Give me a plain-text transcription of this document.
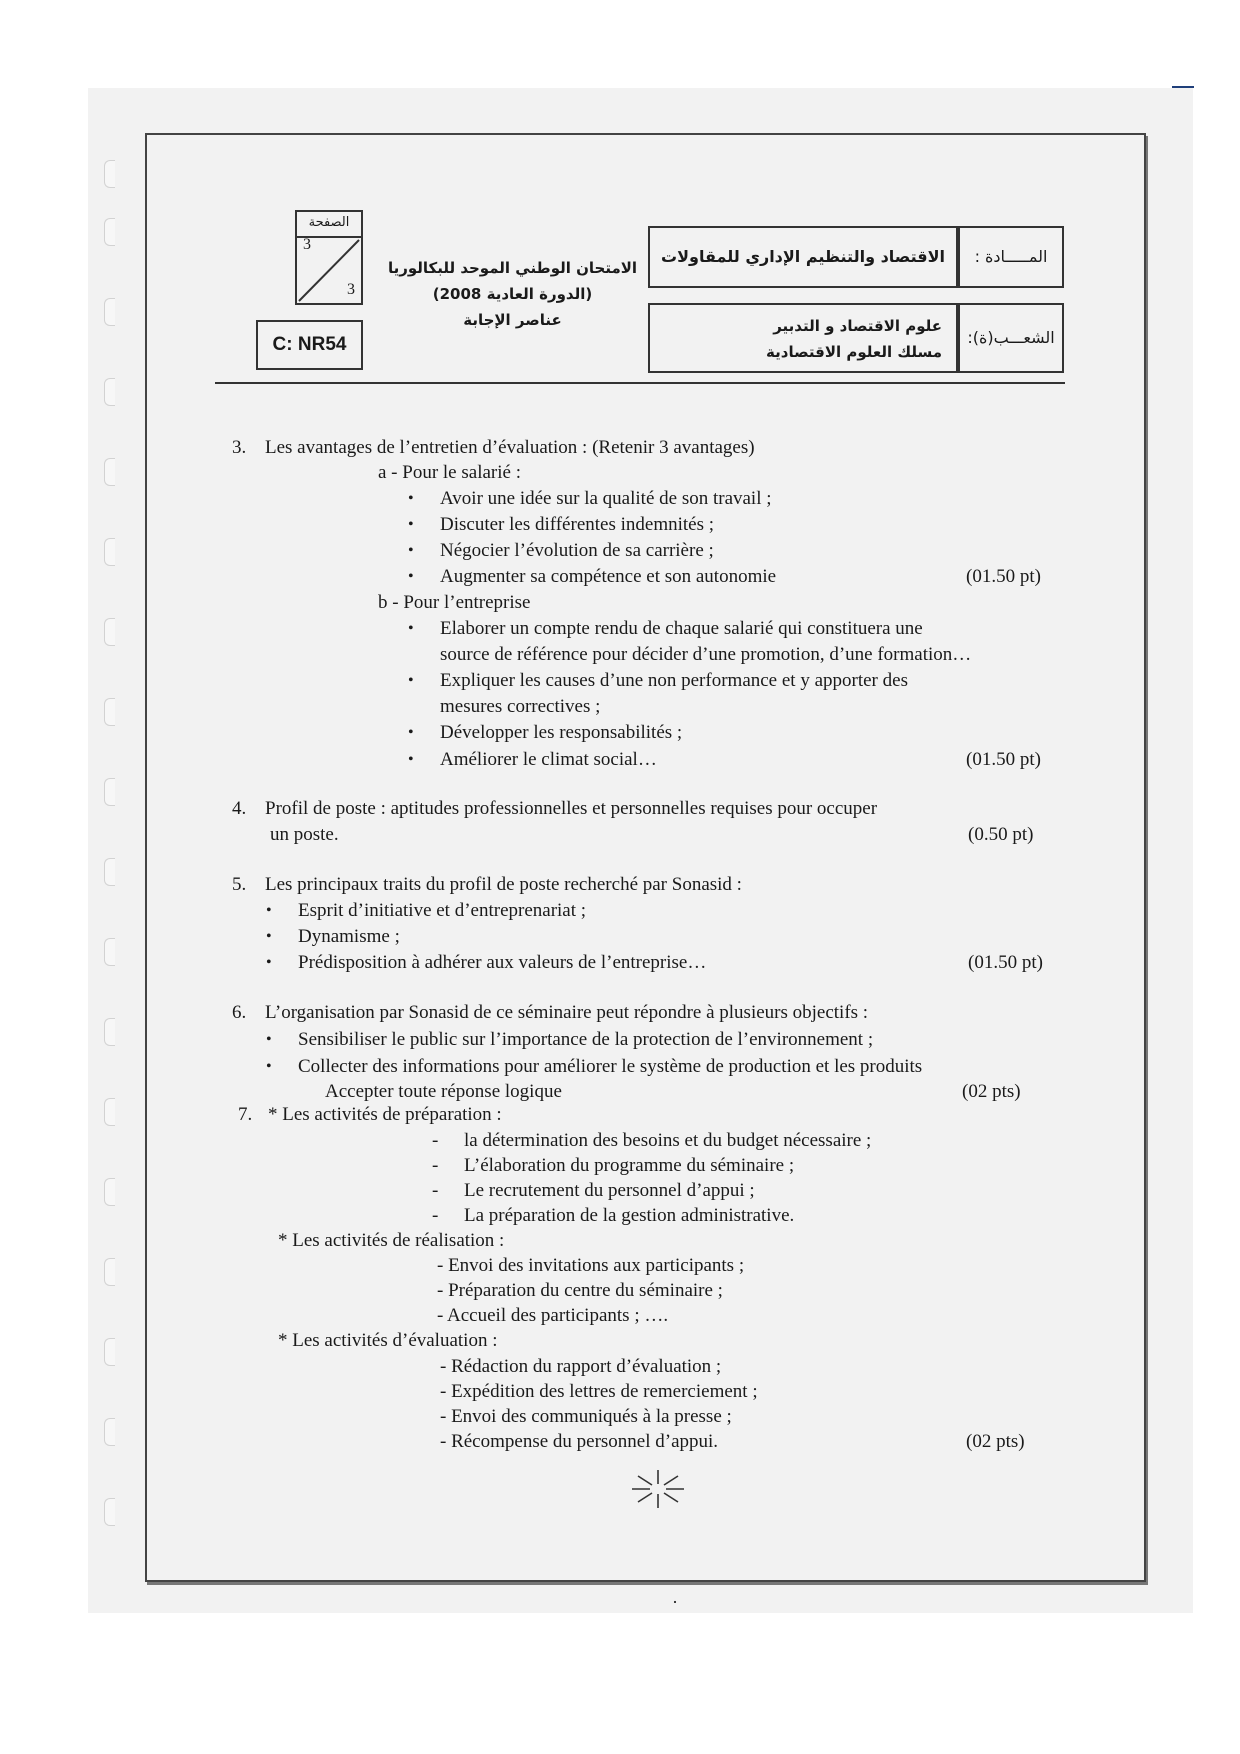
الصفحة
3
3
C: NR54
الامتحان الوطني الموحد للبكالوريا
(الدورة العادية 2008)
عناصر الإجابة
الاقتصاد والتنظيم الإداري للمقاولات	المـــــادة :
علوم الاقتصاد و التدبير
مسلك العلوم الاقتصادية
الشعـــب(ة):
3. Les avantages de l’entretien d’évaluation : (Retenir 3 avantages)
a - Pour le salarié :
• Avoir une idée sur la qualité de son travail ;
• Discuter les différentes indemnités ;
• Négocier l’évolution de sa carrière ;
• Augmenter sa compétence et son autonomie	(01.50 pt)
b - Pour l’entreprise
• Elaborer un compte rendu de chaque salarié qui constituera une
source de référence pour décider d’une promotion, d’une formation…
• Expliquer les causes d’une non performance et y apporter des
mesures correctives ;
• Développer les responsabilités ;
• Améliorer le climat social…	(01.50 pt)
4. Profil de poste : aptitudes professionnelles et personnelles requises pour occuper
un poste.	(0.50 pt)
5. Les principaux traits du profil de poste recherché par Sonasid :
• Esprit d’initiative et d’entreprenariat ;
• Dynamisme ;
• Prédisposition à adhérer aux valeurs de l’entreprise…	(01.50 pt)
6. L’organisation par Sonasid de ce séminaire peut répondre à plusieurs objectifs :
• Sensibiliser le public sur l’importance de la protection de l’environnement ;
• Collecter des informations pour améliorer le système de production et les produits
Accepter toute réponse logique	(02 pts)
7. * Les activités de préparation :
- la détermination des besoins et du budget nécessaire ;
- L’élaboration du programme du séminaire ;
- Le recrutement du personnel d’appui ;
- La préparation de la gestion administrative.
* Les activités de réalisation :
- Envoi des invitations aux participants ;
- Préparation du centre du séminaire ;
- Accueil des participants ; ….
* Les activités d’évaluation :
- Rédaction du rapport d’évaluation ;
- Expédition des lettres de remerciement ;
- Envoi des communiqués à la presse ;
- Récompense du personnel d’appui.	(02 pts)
·
